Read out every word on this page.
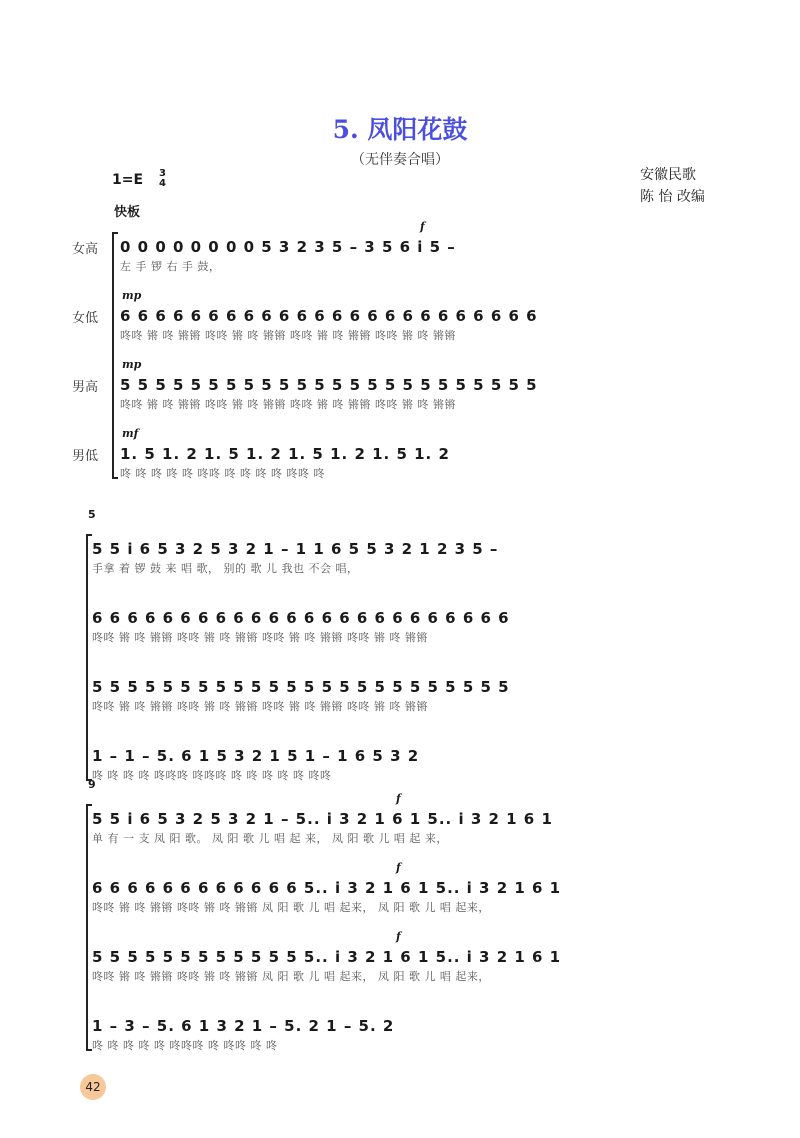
5. 凤阳花鼓
（无伴奏合唱）
安徽民歌
陈 怡 改编
1=E 3
4
快板
女高
f
0 0 0 0 0 0 0 0 5 3 2 3 5 – 3 5 6 i 5 –
左 手 锣 右 手 鼓，
女低
mp
6 6 6 6 6 6 6 6 6 6 6 6 6 6 6 6 6 6 6 6 6 6 6 6
咚咚 锵 咚 锵锵 咚咚 锵 咚 锵锵 咚咚 锵 咚 锵锵 咚咚 锵 咚 锵锵
男高
mp
5 5 5 5 5 5 5 5 5 5 5 5 5 5 5 5 5 5 5 5 5 5 5 5
咚咚 锵 咚 锵锵 咚咚 锵 咚 锵锵 咚咚 锵 咚 锵锵 咚咚 锵 咚 锵锵
男低
mf
1. 5 1. 2 1. 5 1. 2 1. 5 1. 2 1. 5 1. 2
咚 咚 咚 咚 咚 咚咚 咚 咚 咚 咚 咚咚 咚
5
5 5 i 6 5 3 2 5 3 2 1 – 1 1 6 5 5 3 2 1 2 3 5 –
手拿 着 锣 鼓 来 唱 歌， 别的 歌 儿 我也 不会 唱，
6 6 6 6 6 6 6 6 6 6 6 6 6 6 6 6 6 6 6 6 6 6 6 6
咚咚 锵 咚 锵锵 咚咚 锵 咚 锵锵 咚咚 锵 咚 锵锵 咚咚 锵 咚 锵锵
5 5 5 5 5 5 5 5 5 5 5 5 5 5 5 5 5 5 5 5 5 5 5 5
咚咚 锵 咚 锵锵 咚咚 锵 咚 锵锵 咚咚 锵 咚 锵锵 咚咚 锵 咚 锵锵
1 – 1 – 5. 6 1 5 3 2 1 5 1 – 1 6 5 3 2
咚 咚 咚 咚 咚咚咚 咚咚咚 咚 咚 咚 咚 咚 咚咚
9
f
5 5 i 6 5 3 2 5 3 2 1 – 5.. i 3 2 1 6 1 5.. i 3 2 1 6 1
单 有 一 支 凤 阳 歌。 凤 阳 歌 儿 唱 起 来， 凤 阳 歌 儿 唱 起 来，
f
6 6 6 6 6 6 6 6 6 6 6 6 5.. i 3 2 1 6 1 5.. i 3 2 1 6 1
咚咚 锵 咚 锵锵 咚咚 锵 咚 锵锵 凤 阳 歌 儿 唱 起来， 凤 阳 歌 儿 唱 起来，
f
5 5 5 5 5 5 5 5 5 5 5 5 5.. i 3 2 1 6 1 5.. i 3 2 1 6 1
咚咚 锵 咚 锵锵 咚咚 锵 咚 锵锵 凤 阳 歌 儿 唱 起来， 凤 阳 歌 儿 唱 起来，
1 – 3 – 5. 6 1 3 2 1 – 5. 2 1 – 5. 2
咚 咚 咚 咚 咚 咚咚咚 咚 咚咚 咚 咚
42
